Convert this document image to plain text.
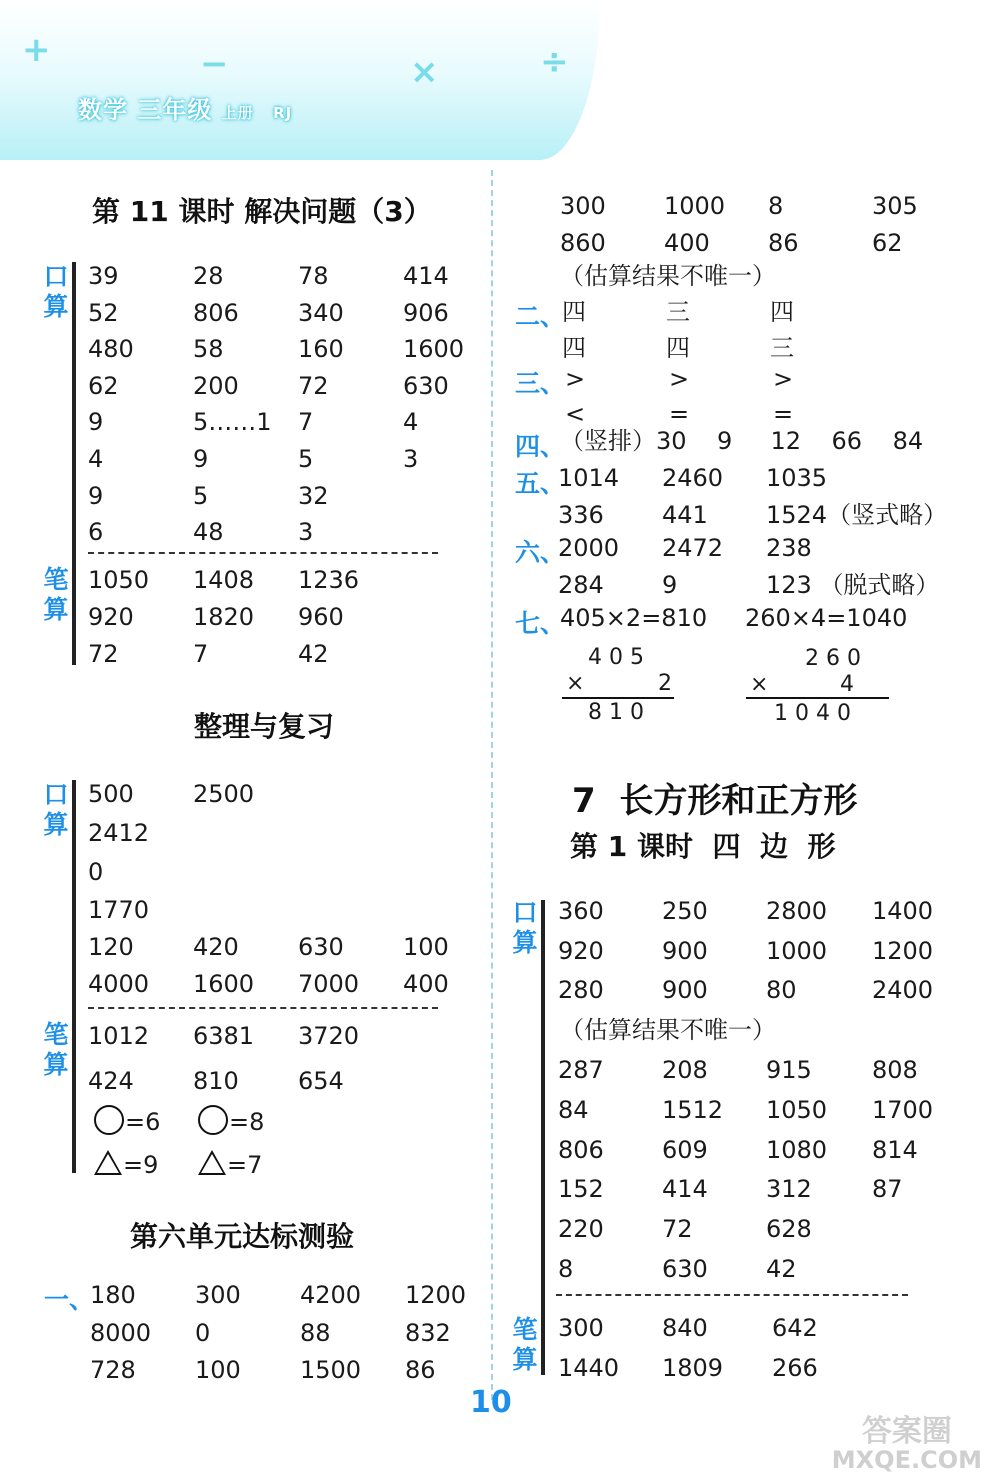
+	−	×	÷
数学 三年级 上册 RJ
第 11 课时 解决问题（3）
整理与复习
第六单元达标测验
=6	=8
=9	=7
一、
口
算
39	28	78	414
52	806 340 906
480 58	160 1600
62	200 72	630
9	5……1 7	4
4	9	5	3
9	5	32
6	48	3
笔
算
1050 1408 1236
920 1820 960
72	7	42
口
算
500 2500
2412
0
1770
120 420 630 100
4000 1600 7000 400
笔
算
1012 6381 3720
424 810 654
180 300 4200 1200
8000 0	88	832
728 100 1500 86
（估算结果不唯一）
二、
三、
四、
（竖排）30    9     12    66    84
五、
六、
七、
405×2=810 260×4=1040
4 0 5
×	2
8 1 0
2 6 0
×	4
1 0 4 0
7  长方形和正方形
第 1 课时  四  边  形
（估算结果不唯一）
300 1000 8	305
860 400 86	62
四	三	四
四	四	三
>	>	>
<	=	=
1014 2460 1035
336 441 1524（竖式略）
2000 2472 238
284 9	123 （脱式略）
口
算
360 250 2800 1400
920 900 1000 1200
280 900 80	2400
287 208 915	808
84	1512 1050 1700
806 609 1080 814
152 414 312	87
220 72	628
8	630 42
笔
算
300 840	642
1440 1809 266
10
答案圈
MXQE.COM
